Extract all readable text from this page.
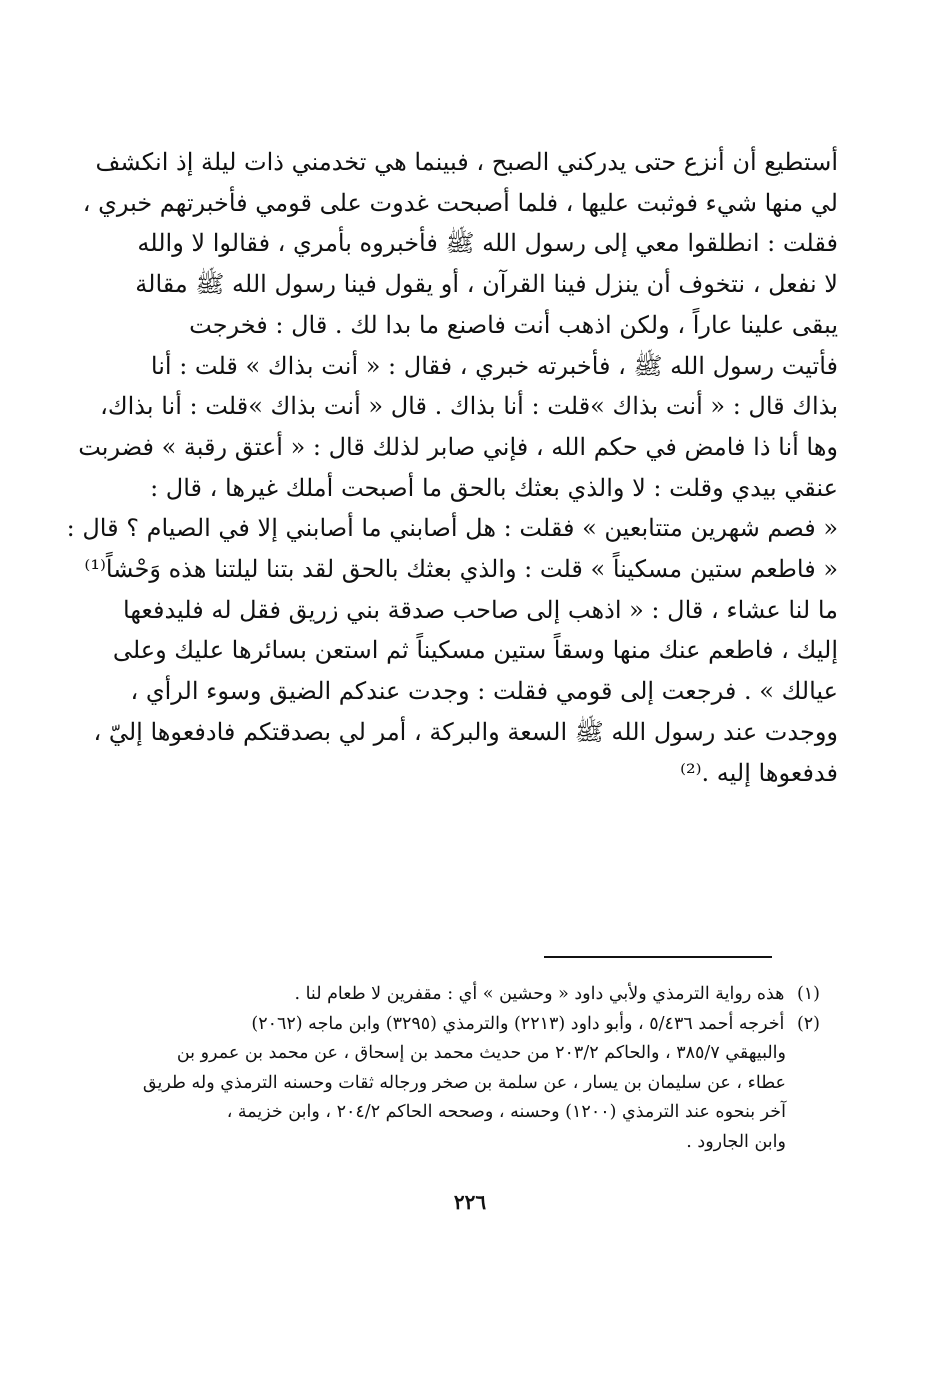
أستطيع أن أنزع حتى يدركني الصبح ، فبينما هي تخدمني ذات ليلة إذ انكشف
لي منها شيء فوثبت عليها ، فلما أصبحت غدوت على قومي فأخبرتهم خبري ،
فقلت : انطلقوا معي إلى رسول الله ﷺ فأخبروه بأمري ، فقالوا لا والله
لا نفعل ، نتخوف أن ينزل فينا القرآن ، أو يقول فينا رسول الله ﷺ مقالة
يبقى علينا عاراً ، ولكن اذهب أنت فاصنع ما بدا لك . قال : فخرجت
فأتيت رسول الله ﷺ ، فأخبرته خبري ، فقال : « أنت بذاك » قلت : أنا
بذاك قال : « أنت بذاك »قلت : أنا بذاك . قال « أنت بذاك »قلت : أنا بذاك،
وها أنا ذا فامض في حكم الله ، فإني صابر لذلك قال : « أعتق رقبة » فضربت
عنقي بيدي وقلت : لا والذي بعثك بالحق ما أصبحت أملك غيرها ، قال :
« فصم شهرين متتابعين » فقلت : هل أصابني ما أصابني إلا في الصيام ؟ قال :
« فاطعم ستين مسكيناً » قلت : والذي بعثك بالحق لقد بتنا ليلتنا هذه وَحْشاً⁽¹⁾
ما لنا عشاء ، قال : « اذهب إلى صاحب صدقة بني زريق فقل له فليدفعها
إليك ، فاطعم عنك منها وسقاً ستين مسكيناً ثم استعن بسائرها عليك وعلى
عيالك » . فرجعت إلى قومي فقلت : وجدت عندكم الضيق وسوء الرأي ،
ووجدت عند رسول الله ﷺ السعة والبركة ، أمر لي بصدقتكم فادفعوها إليّ ،
فدفعوها إليه .⁽²⁾
(١) هذه رواية الترمذي ولأبي داود « وحشين » أي : مقفرين لا طعام لنا .
(٢) أخرجه أحمد ٥/٤٣٦ ، وأبو داود (٢٢١٣) والترمذي (٣٢٩٥) وابن ماجه (٢٠٦٢)
والبيهقي ٣٨٥/٧ ، والحاكم ٢٠٣/٢ من حديث محمد بن إسحاق ، عن محمد بن عمرو بن
عطاء ، عن سليمان بن يسار ، عن سلمة بن صخر ورجاله ثقات وحسنه الترمذي وله طريق
آخر بنحوه عند الترمذي (١٢٠٠) وحسنه ، وصححه الحاكم ٢٠٤/٢ ، وابن خزيمة ،
وابن الجارود .
٢٢٦
